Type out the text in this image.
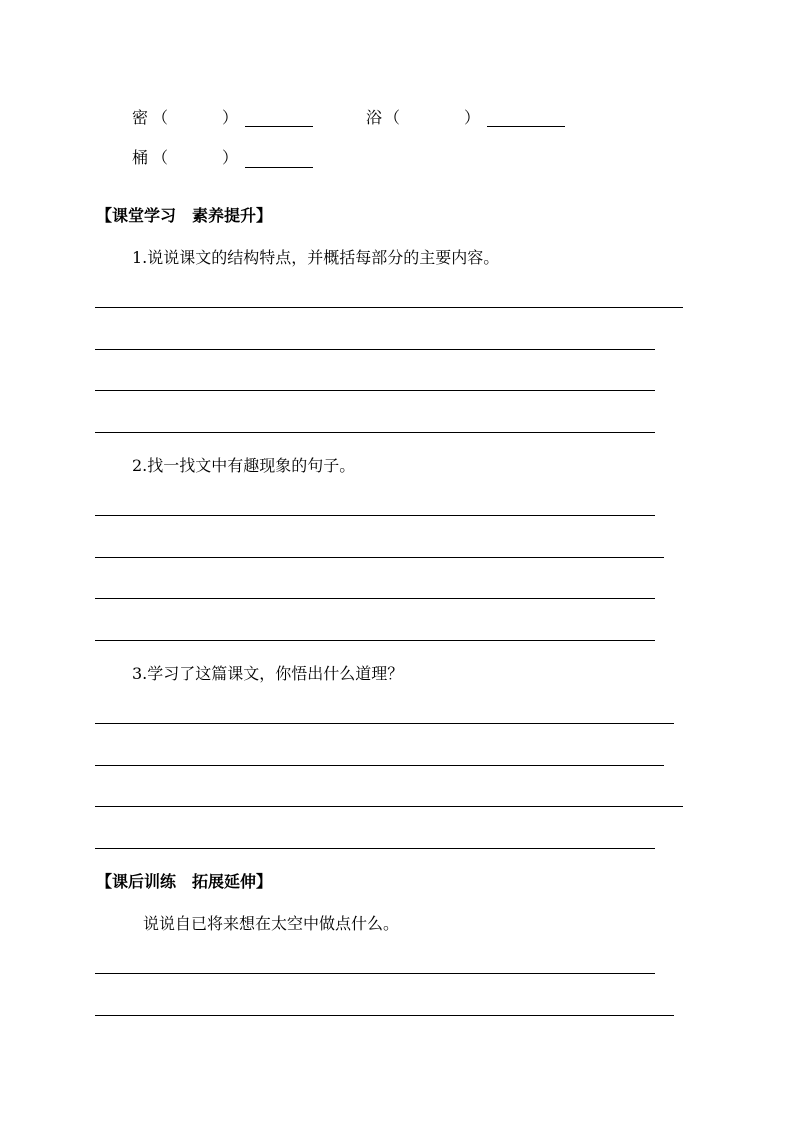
密 （	）	浴 （	）
桶 （	）
【课堂学习　素养提升】
1.说说课文的结构特点，并概括每部分的主要内容。
2.找一找文中有趣现象的句子。
3.学习了这篇课文，你悟出什么道理？
【课后训练　拓展延伸】
说说自已将来想在太空中做点什么。
